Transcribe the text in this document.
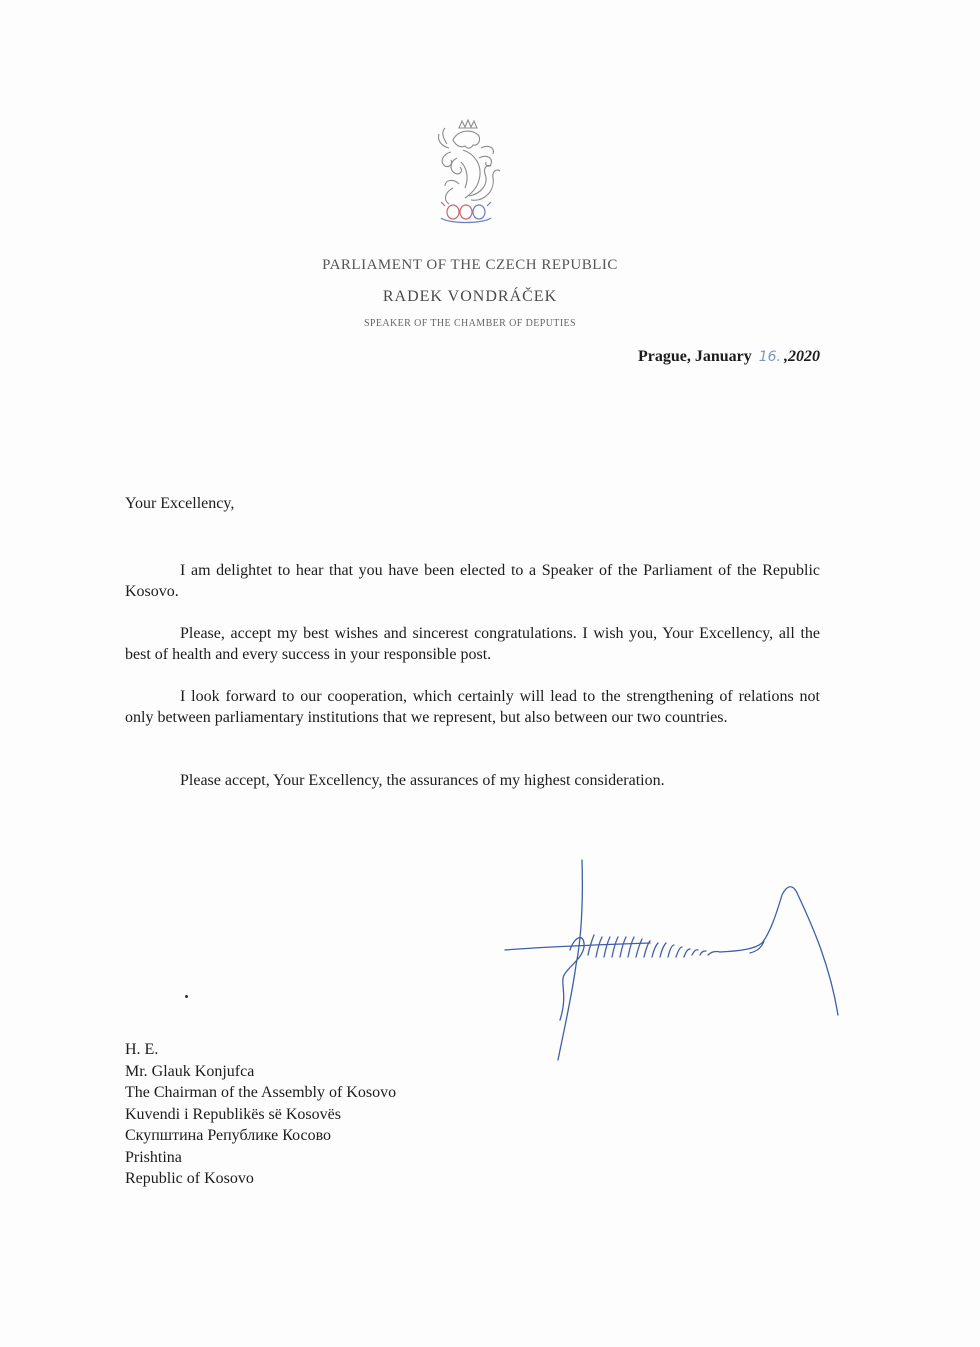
PARLIAMENT OF THE CZECH REPUBLIC
RADEK VONDRÁČEK
SPEAKER OF THE CHAMBER OF DEPUTIES
Prague, January 16. ,2020
Your Excellency,

I am delightet to hear that you have been elected to a Speaker of the Parliament of the Republic Kosovo.

Please, accept my best wishes and sincerest congratulations. I wish you, Your Excellency, all the best of health and every success in your responsible post.

I look forward to our cooperation, which certainly will lead to the strengthening of relations not only between parliamentary institutions that we represent, but also between our two countries.

Please accept, Your Excellency, the assurances of my highest consideration.

H. E.
Mr. Glauk Konjufca
The Chairman of the Assembly of Kosovo
Kuvendi i Republikës së Kosovës
Скупштина Републике Косово
Prishtina
Republic of Kosovo
